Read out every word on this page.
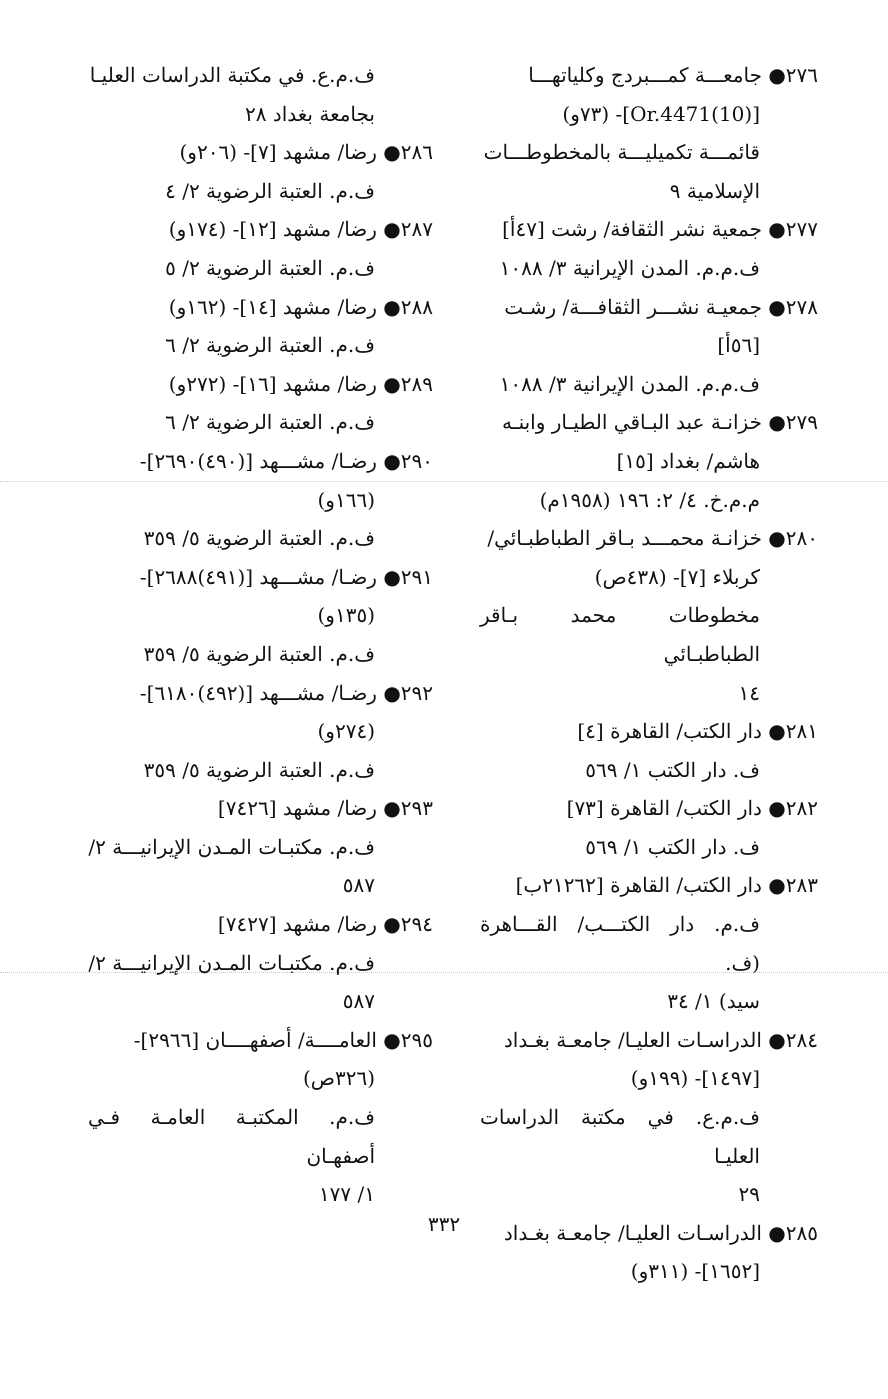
٢٧٦● جامعـــة كمـــبردج وكلياتهـــا
[Or.4471(10)]- (٧٣و)
قائمـــة تكميليـــة بالمخطوطـــات
الإسلامية ٩
٢٧٧● جمعية نشر الثقافة/ رشت [٤٧أ]
ف.م.م. المدن الإيرانية ٣/ ١٠٨٨
٢٧٨● جمعيـة نشـــر الثقافـــة/ رشـت
[٥٦أ]
ف.م.م. المدن الإيرانية ٣/ ١٠٨٨
٢٧٩● خزانـة عبد البـاقي الطيـار وابنـه
هاشم/ بغداد [١٥]
م.م.خ. ٤/ ٢: ١٩٦ (١٩٥٨م)
٢٨٠● خزانـة محمـــد بـاقر الطباطبـائي/
كربلاء [٧]- (٤٣٨ص)
مخطوطات محمد بـاقر الطباطبـائي
١٤
٢٨١● دار الكتب/ القاهرة [٤]
ف. دار الكتب ١/ ٥٦٩
٢٨٢● دار الكتب/ القاهرة [٧٣]
ف. دار الكتب ١/ ٥٦٩
٢٨٣● دار الكتب/ القاهرة [٢١٢٦٢ب]
ف.م. دار الكتـــب/ القـــاهرة (ف.
سيد) ١/ ٣٤
٢٨٤● الدراسـات العليـا/ جامعـة بغـداد
[١٤٩٧]- (١٩٩و)
ف.م.ع. في مكتبة الدراسات العليـا
٢٩
٢٨٥● الدراسـات العليـا/ جامعـة بغـداد
[١٦٥٢]- (٣١١و)
ف.م.ع. في مكتبة الدراسات العليـا
بجامعة بغداد ٢٨
٢٨٦● رضا/ مشهد [٧]- (٢٠٦و)
ف.م. العتبة الرضوية ٢/ ٤
٢٨٧● رضا/ مشهد [١٢]- (١٧٤و)
ف.م. العتبة الرضوية ٢/ ٥
٢٨٨● رضا/ مشهد [١٤]- (١٦٢و)
ف.م. العتبة الرضوية ٢/ ٦
٢٨٩● رضا/ مشهد [١٦]- (٢٧٢و)
ف.م. العتبة الرضوية ٢/ ٦
٢٩٠● رضـا/ مشـــهد [(٤٩٠)٢٦٩٠]-
(١٦٦و)
ف.م. العتبة الرضوية ٥/ ٣٥٩
٢٩١● رضـا/ مشـــهد [(٤٩١)٢٦٨٨]-
(١٣٥و)
ف.م. العتبة الرضوية ٥/ ٣٥٩
٢٩٢● رضـا/ مشـــهد [(٤٩٢)٦١٨٠]-
(٢٧٤و)
ف.م. العتبة الرضوية ٥/ ٣٥٩
٢٩٣● رضا/ مشهد [٧٤٢٦]
ف.م. مكتبـات المـدن الإيرانيـــة ٢/
٥٨٧
٢٩٤● رضا/ مشهد [٧٤٢٧]
ف.م. مكتبـات المـدن الإيرانيـــة ٢/
٥٨٧
٢٩٥● العامــــة/ أصفهــــان [٢٩٦٦]-
(٣٢٦ص)
ف.م. المكتبـة العامـة فـي أصفهـان
١/ ١٧٧
٣٣٢
